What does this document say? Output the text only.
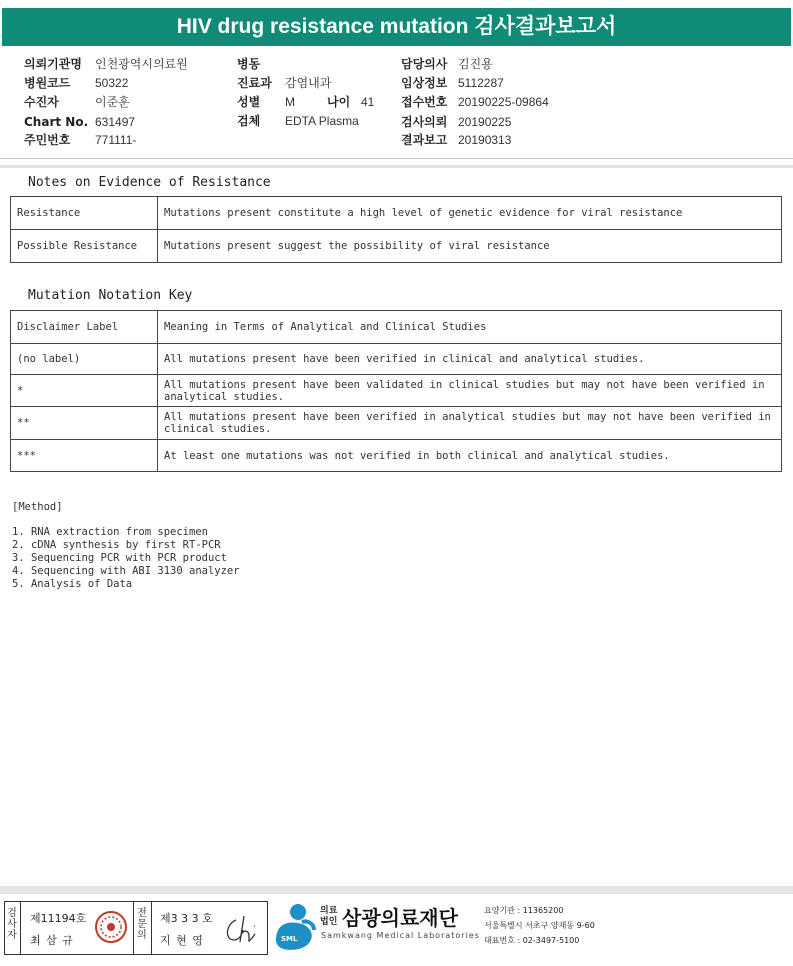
HIV drug resistance mutation 검사결과보고서
의뢰기관명 인천광역시의료원
병원코드 50322
수진자	이준훈
Chart No. 631497
주민번호 771111-
병동
진료과 감염내과
성별 M	나이 41
검체 EDTA Plasma
담당의사 김진용
임상정보 5112287
접수번호 20190225-09864
검사의뢰 20190225
결과보고 20190313
Notes on Evidence of Resistance
Resistance	Mutations present constitute a high level of genetic evidence for viral resistance
Possible Resistance	Mutations present suggest the possibility of viral resistance
Mutation Notation Key
Disclaimer Label	Meaning in Terms of Analytical and Clinical Studies
(no label)	All mutations present have been verified in clinical and analytical studies.
*	All mutations present have been validated in clinical studies but may not have been verified in analytical studies.
**	All mutations present have been verified in analytical studies but may not have been verified in clinical studies.
***	At least one mutations was not verified in both clinical and analytical studies.
[Method]
1. RNA extraction from specimen
2. cDNA synthesis by first RT-PCR
3. Sequencing PCR with PCR product
4. Sequencing with ABI 3130 analyzer
5. Analysis of Data
검사자
제11194호
최 삼 규
전문의
제3 3 3 호
지 현 영	SML
의료
법인 삼광의료재단
Samkwang Medical Laboratories
요양기관 : 11365200
서울특별시 서초구 양재동 9-60
대표번호 : 02-3497-5100
